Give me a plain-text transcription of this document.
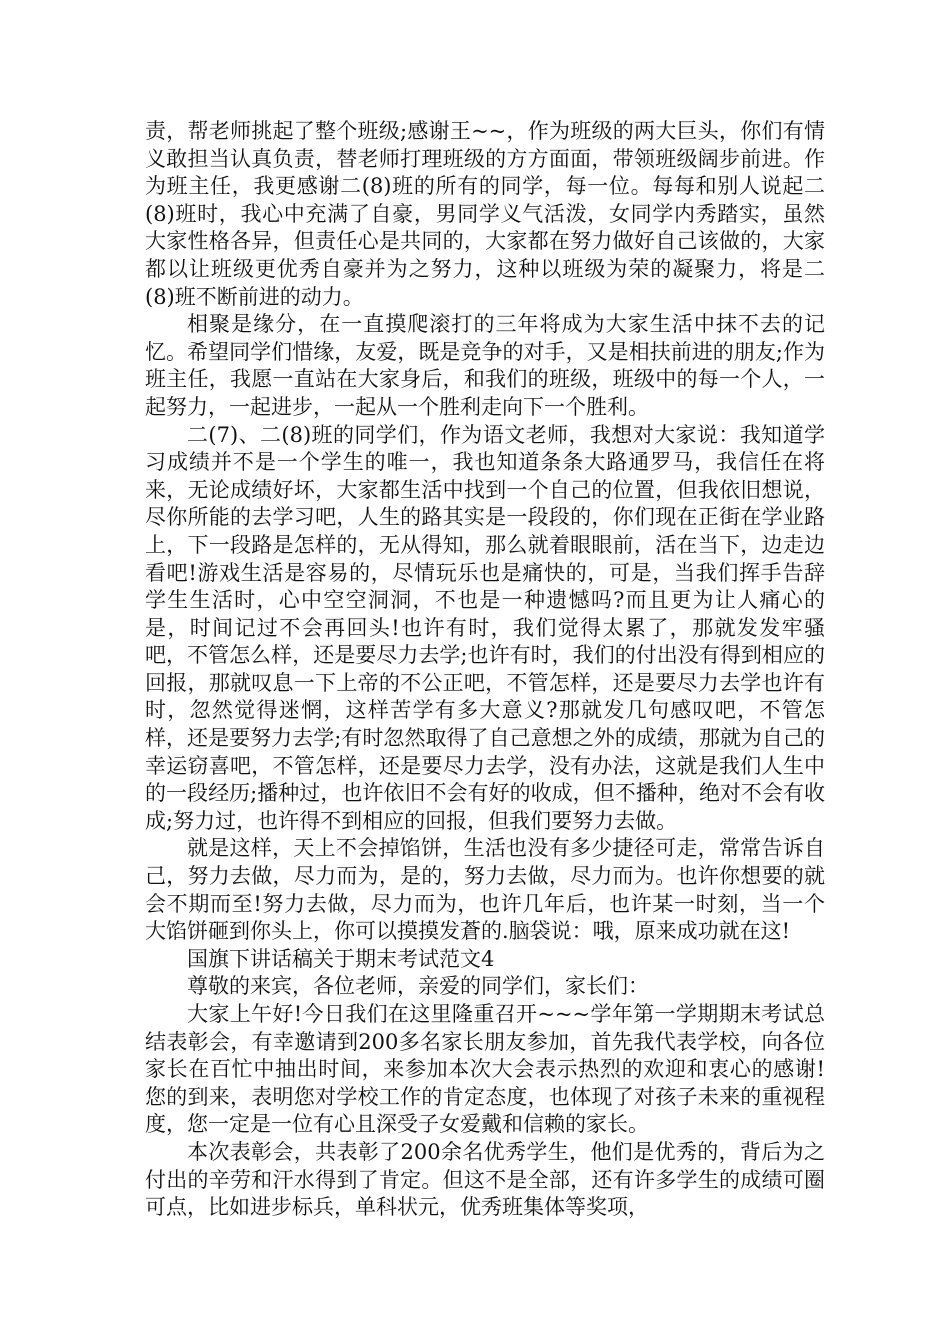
责，帮老师挑起了整个班级;感谢王~~，作为班级的两大巨头，你们有情义敢担当认真负责，替老师打理班级的方方面面，带领班级阔步前进。作为班主任，我更感谢二(8)班的所有的同学，每一位。每每和别人说起二(8)班时，我心中充满了自豪，男同学义气活泼，女同学内秀踏实，虽然大家性格各异，但责任心是共同的，大家都在努力做好自己该做的，大家都以让班级更优秀自豪并为之努力，这种以班级为荣的凝聚力，将是二(8)班不断前进的动力。

相聚是缘分，在一直摸爬滚打的三年将成为大家生活中抹不去的记忆。希望同学们惜缘，友爱，既是竞争的对手，又是相扶前进的朋友;作为班主任，我愿一直站在大家身后，和我们的班级，班级中的每一个人，一起努力，一起进步，一起从一个胜利走向下一个胜利。

二(7)、二(8)班的同学们，作为语文老师，我想对大家说：我知道学习成绩并不是一个学生的唯一，我也知道条条大路通罗马，我信任在将来，无论成绩好坏，大家都生活中找到一个自己的位置，但我依旧想说，尽你所能的去学习吧，人生的路其实是一段段的，你们现在正街在学业路上，下一段路是怎样的，无从得知，那么就着眼眼前，活在当下，边走边看吧!游戏生活是容易的，尽情玩乐也是痛快的，可是，当我们挥手告辞学生生活时，心中空空洞洞，不也是一种遗憾吗?而且更为让人痛心的是，时间记过不会再回头!也许有时，我们觉得太累了，那就发发牢骚吧，不管怎么样，还是要尽力去学;也许有时，我们的付出没有得到相应的回报，那就叹息一下上帝的不公正吧，不管怎样，还是要尽力去学也许有时，忽然觉得迷惘，这样苦学有多大意义?那就发几句感叹吧，不管怎样，还是要努力去学;有时忽然取得了自己意想之外的成绩，那就为自己的幸运窃喜吧，不管怎样，还是要尽力去学，没有办法，这就是我们人生中的一段经历;播种过，也许依旧不会有好的收成，但不播种，绝对不会有收成;努力过，也许得不到相应的回报，但我们要努力去做。

就是这样，天上不会掉馅饼，生活也没有多少捷径可走，常常告诉自己，努力去做，尽力而为，是的，努力去做，尽力而为。也许你想要的就会不期而至!努力去做，尽力而为，也许几年后，也许某一时刻，当一个大馅饼砸到你头上，你可以摸摸发蒼的.脑袋说：哦，原来成功就在这!

国旗下讲话稿关于期末考试范文4

尊敬的来宾，各位老师，亲爱的同学们，家长们：

大家上午好!今日我们在这里隆重召开~~~学年第一学期期末考试总结表彰会，有幸邀请到200多名家长朋友参加，首先我代表学校，向各位家长在百忙中抽出时间，来参加本次大会表示热烈的欢迎和衷心的感谢!您的到来，表明您对学校工作的肯定态度，也体现了对孩子未来的重视程度，您一定是一位有心且深受子女爱戴和信赖的家长。

本次表彰会，共表彰了200余名优秀学生，他们是优秀的，背后为之付出的辛劳和汗水得到了肯定。但这不是全部，还有许多学生的成绩可圈可点，比如进步标兵，单科状元，优秀班集体等奖项，
